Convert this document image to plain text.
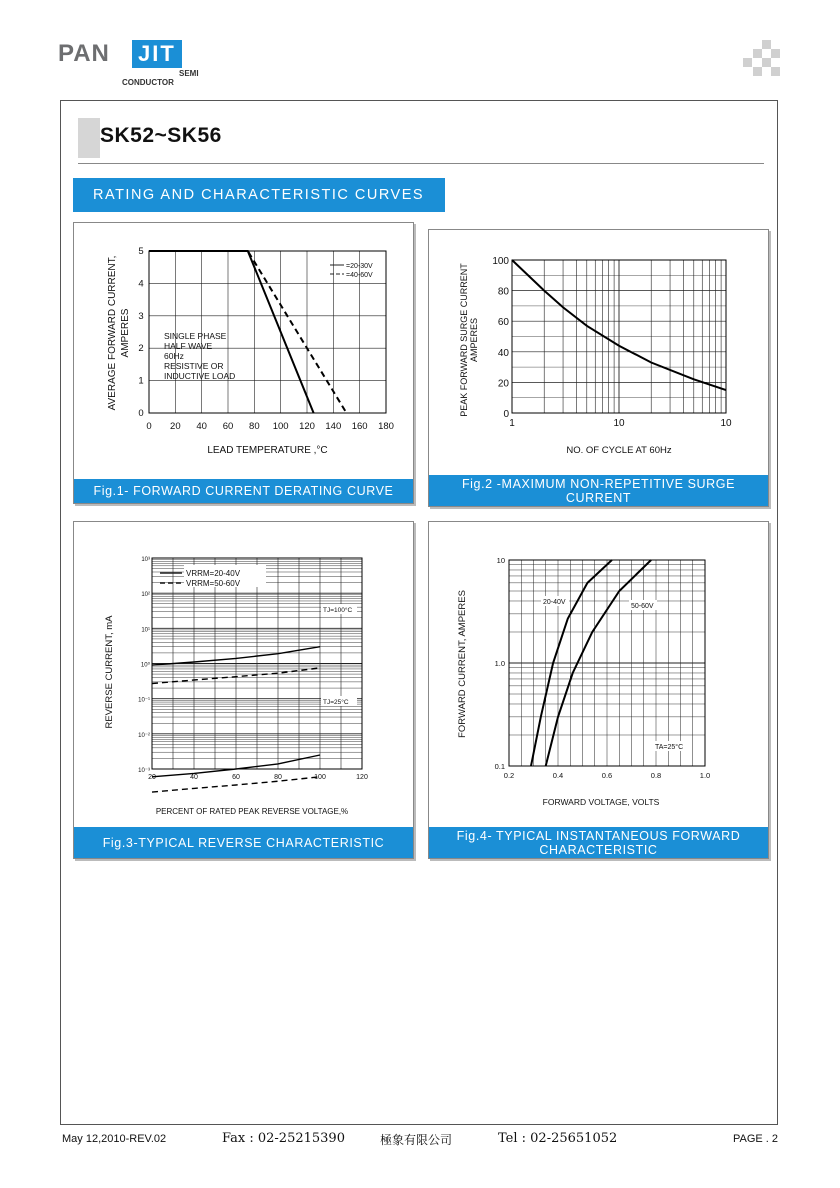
PAN JIT
SEMI
CONDUCTOR
SK52~SK56
RATING AND CHARACTERISTIC CURVES
0 20 40 60 80 100 120 140 160 180
0
1
2
3
4
5
LEAD TEMPERATURE ,°C
AVERAGE FORWARD CURRENT, AMPERES	SINGLE PHASE
HALF WAVE
60Hz
RESISTIVE OR
INDUCTIVE LOAD
=20-30V
=40-60V
Fig.1- FORWARD CURRENT DERATING CURVE
1	10	10
0
20
40
60
80
100
NO. OF CYCLE AT 60Hz
PEAK FORWARD SURGE CURRENT AMPERES
Fig.2 -MAXIMUM NON-REPETITIVE SURGE CURRENT
20	40	60	80	100	120
10⁻³
10⁻²
10⁻¹
10⁰
10¹
10²
10³
PERCENT OF RATED PEAK REVERSE VOLTAGE,%
REVERSE CURRENT, mA
VRRM=20-40V
VRRM=50-60V
TJ=100°C
TJ=25°C
Fig.3-TYPICAL REVERSE CHARACTERISTIC
0.2	0.4	0.6	0.8	1.0
0.1
1.0
10
FORWARD VOLTAGE, VOLTS
FORWARD CURRENT, AMPERES	20-40V
50-60V
TA=25°C
Fig.4- TYPICAL INSTANTANEOUS FORWARD CHARACTERISTIC
May 12,2010-REV.02	Fax : 02-25215390	極象有限公司	Tel : 02-25651052	PAGE . 2
